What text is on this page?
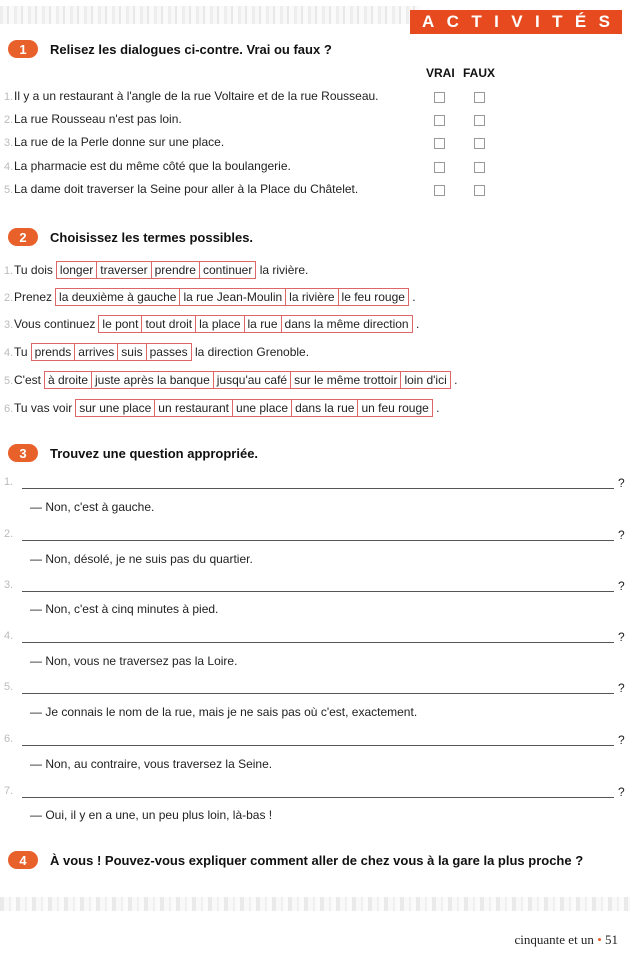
A C T I V I T É S
1	Relisez les dialogues ci-contre. Vrai ou faux ?
VRAI FAUX
1.Il y a un restaurant à l'angle de la rue Voltaire et de la rue Rousseau.
2.La rue Rousseau n'est pas loin.
3.La rue de la Perle donne sur une place.
4.La pharmacie est du même côté que la boulangerie.
5.La dame doit traverser la Seine pour aller à la Place du Châtelet.
2	Choisissez les termes possibles.
1.Tu dois longer traverser prendre continuer la rivière.
2.Prenez la deuxième à gauche la rue Jean-Moulin la rivière le feu rouge .
3.Vous continuez le pont tout droit la place la rue dans la même direction .
4.Tu prends arrives suis passes la direction Grenoble.
5.C'est à droite juste après la banque jusqu'au café sur le même trottoir loin d'ici .
6.Tu vas voir sur une place un restaurant une place dans la rue un feu rouge .
3	Trouvez une question appropriée.
1.	?
— Non, c'est à gauche.
2.	?
— Non, désolé, je ne suis pas du quartier.
3.	?
— Non, c'est à cinq minutes à pied.
4.	?
— Non, vous ne traversez pas la Loire.
5.	?
— Je connais le nom de la rue, mais je ne sais pas où c'est, exactement.
6.	?
— Non, au contraire, vous traversez la Seine.
7.	?
— Oui, il y en a une, un peu plus loin, là-bas !
4	À vous ! Pouvez-vous expliquer comment aller de chez vous à la gare la plus proche ?
cinquante et un • 51
